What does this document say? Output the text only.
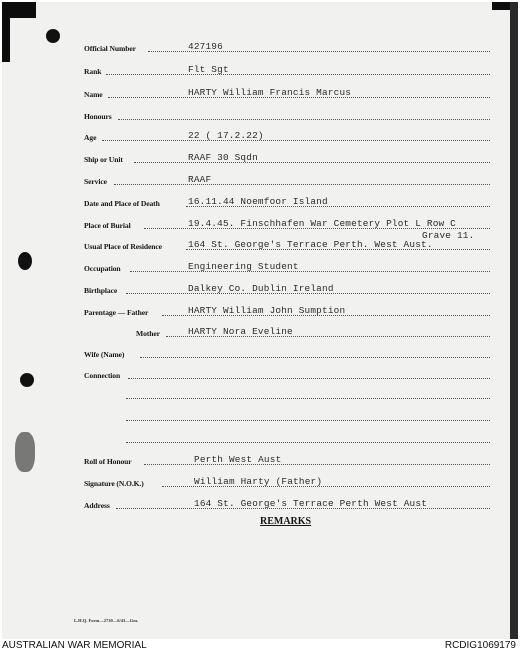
Official Number	427196
Rank	Flt Sgt
Name	HARTY William Francis Marcus
Honours
Age	22 ( 17.2.22)
Ship or Unit	RAAF 30 Sqdn
Service	RAAF
Date and Place of Death	16.11.44 Noemfoor Island
Place of Burial	19.4.45. Finschhafen War Cemetery Plot L Row C
Grave 11.
Usual Place of Residence	164 St. George's Terrace Perth. West Aust.
Occupation	Engineering Student
Birthplace	Dalkey Co. Dublin Ireland
Parentage — Father	HARTY William John Sumption
Mother	HARTY Nora Eveline
Wife (Name)
Connection
Roll of Honour	Perth West Aust
Signature (N.O.K.)	William Harty (Father)
Address	164 St. George's Terrace Perth West Aust
REMARKS
L.H.Q. Form—2730—6/43—Gm.
AUSTRALIAN WAR MEMORIAL	RCDIG1069179
